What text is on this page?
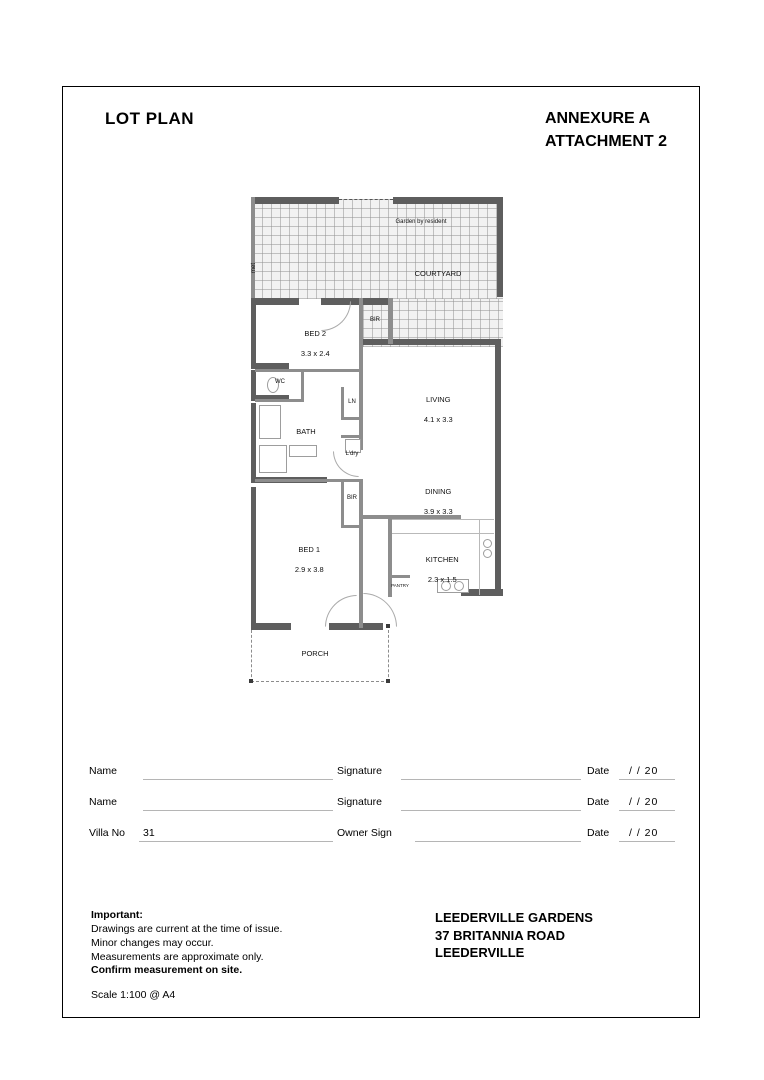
LOT PLAN	ANNEXURE A
ATTACHMENT 2
Garden by resident
COURTYARD
met

BED 2

3.3 x 2.4

BIR
WC
LN
BATH
L'dry

LIVING

4.1 x 3.3

DINING

3.9 x 3.3

BIR

BED 1

2.9 x 3.8

KITCHEN

2.3 x 1.5

PANTRY
PORCH
Name	Signature	Date / / 20
Name	Signature	Date / / 20
Villa No 31	Owner Sign	Date / / 20
Important:
Drawings are current at the time of issue.
Minor changes may occur.
Measurements are approximate only.
Confirm measurement on site.
Scale 1:100 @ A4
LEEDERVILLE GARDENS
37 BRITANNIA ROAD
LEEDERVILLE
